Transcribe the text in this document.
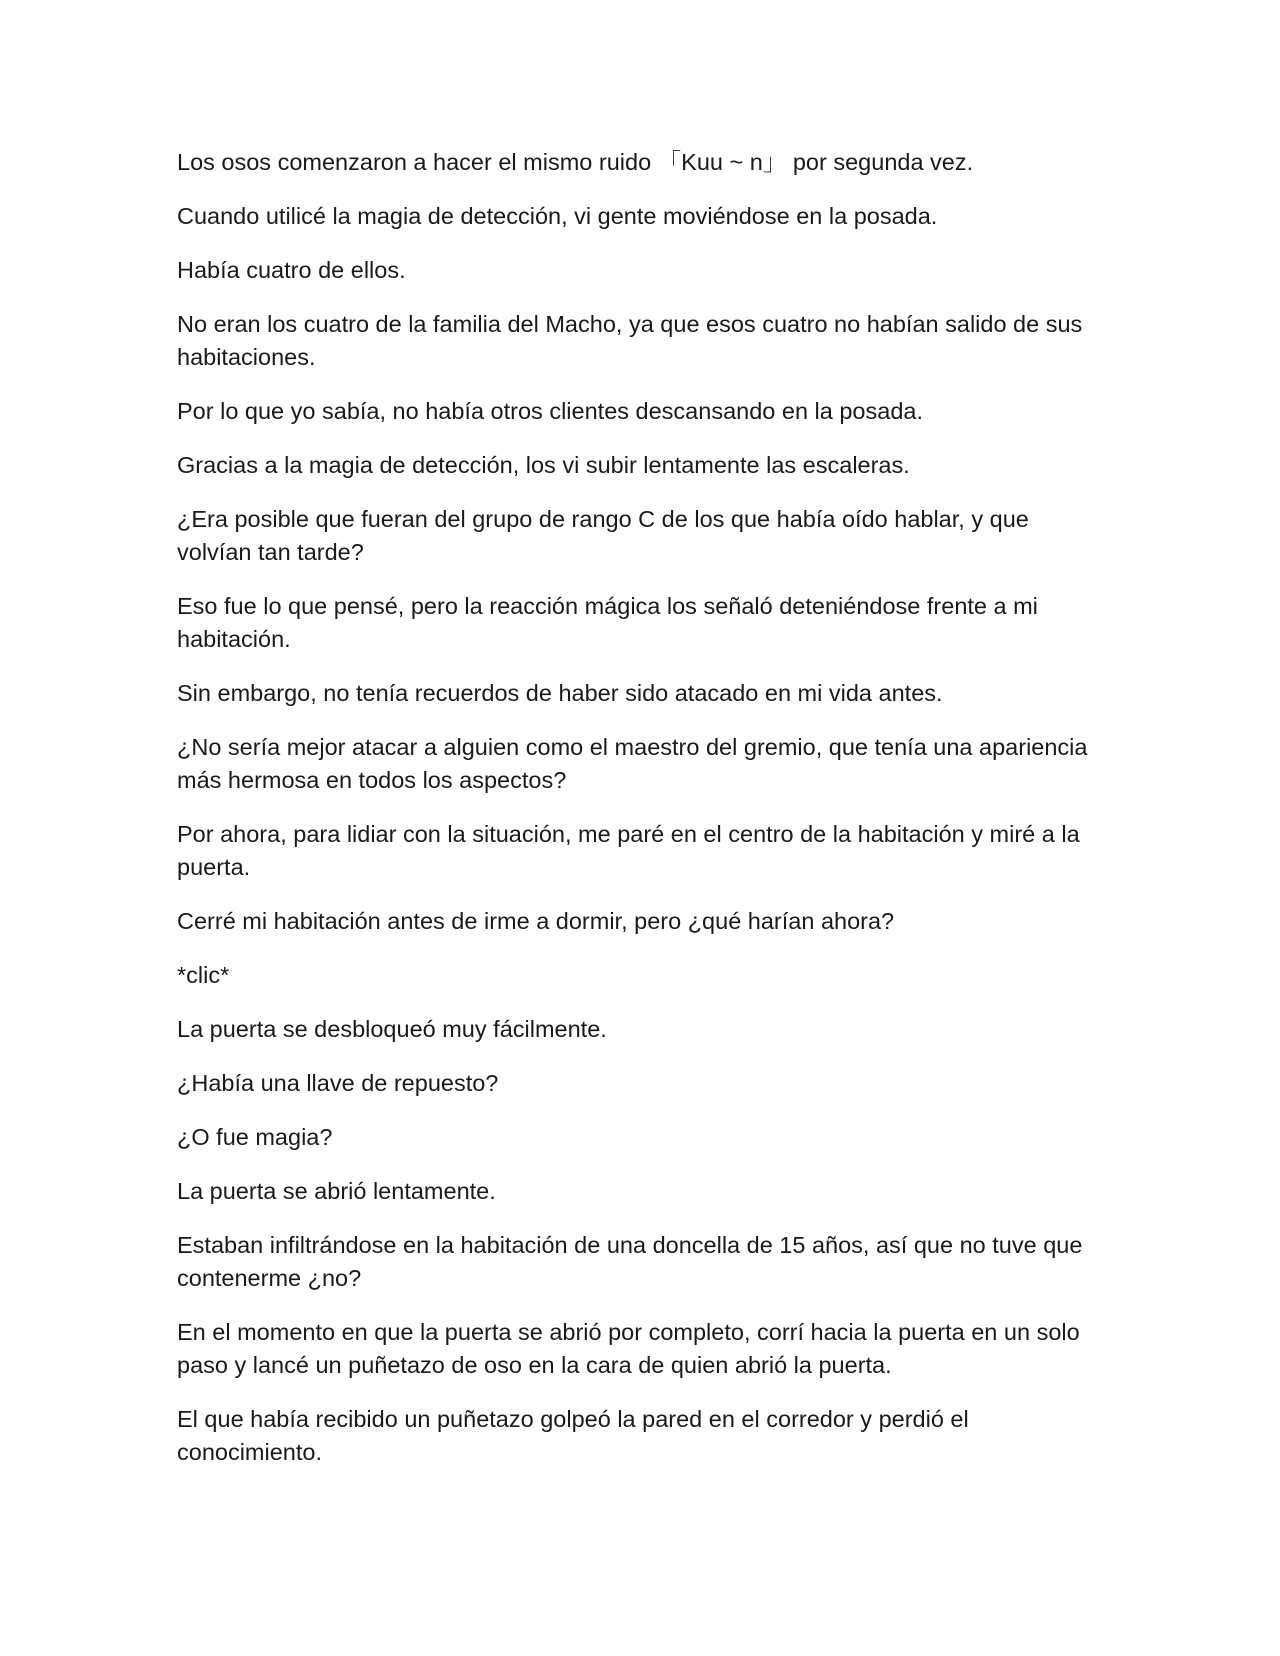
Los osos comenzaron a hacer el mismo ruido 「Kuu ~ n」 por segunda vez.

Cuando utilicé la magia de detección, vi gente moviéndose en la posada.

Había cuatro de ellos.

No eran los cuatro de la familia del Macho, ya que esos cuatro no habían salido de sus habitaciones.

Por lo que yo sabía, no había otros clientes descansando en la posada.

Gracias a la magia de detección, los vi subir lentamente las escaleras.

¿Era posible que fueran del grupo de rango C de los que había oído hablar, y que volvían tan tarde?

Eso fue lo que pensé, pero la reacción mágica los señaló deteniéndose frente a mi habitación.

Sin embargo, no tenía recuerdos de haber sido atacado en mi vida antes.

¿No sería mejor atacar a alguien como el maestro del gremio, que tenía una apariencia más hermosa en todos los aspectos?

Por ahora, para lidiar con la situación, me paré en el centro de la habitación y miré a la puerta.

Cerré mi habitación antes de irme a dormir, pero ¿qué harían ahora?

*clic*

La puerta se desbloqueó muy fácilmente.

¿Había una llave de repuesto?

¿O fue magia?

La puerta se abrió lentamente.

Estaban infiltrándose en la habitación de una doncella de 15 años, así que no tuve que contenerme ¿no?

En el momento en que la puerta se abrió por completo, corrí hacia la puerta en un solo paso y lancé un puñetazo de oso en la cara de quien abrió la puerta.

El que había recibido un puñetazo golpeó la pared en el corredor y perdió el conocimiento.
